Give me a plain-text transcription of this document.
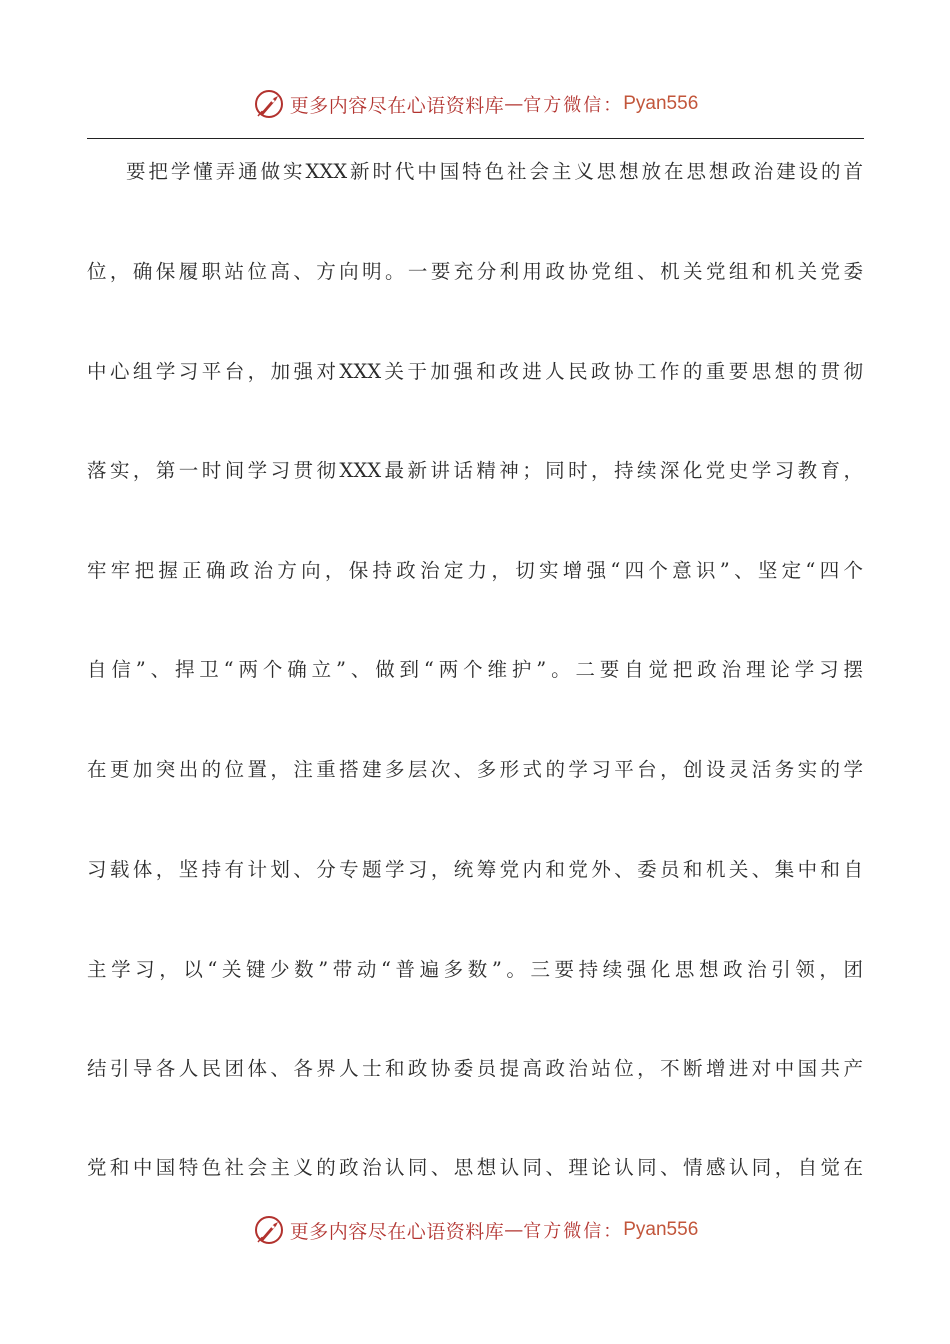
更多内容尽在心语资料库 — 官方微信： Pyan556
要把学懂弄通做实XXX新时代中国特色社会主义思想放在思想政治建设的首
位，确保履职站位高、方向明。一要充分利用政协党组、机关党组和机关党委
中心组学习平台，加强对XXX关于加强和改进人民政协工作的重要思想的贯彻
落实，第一时间学习贯彻XXX最新讲话精神；同时，持续深化党史学习教育，
牢牢把握正确政治方向，保持政治定力，切实增强“四个意识”、坚定“四个
自信”、捍卫“两个确立”、做到“两个维护”。二要自觉把政治理论学习摆
在更加突出的位置，注重搭建多层次、多形式的学习平台，创设灵活务实的学
习载体，坚持有计划、分专题学习，统筹党内和党外、委员和机关、集中和自
主学习，以“关键少数”带动“普遍多数”。三要持续强化思想政治引领，团
结引导各人民团体、各界人士和政协委员提高政治站位，不断增进对中国共产
党和中国特色社会主义的政治认同、思想认同、理论认同、情感认同，自觉在
更多内容尽在心语资料库 — 官方微信： Pyan556
